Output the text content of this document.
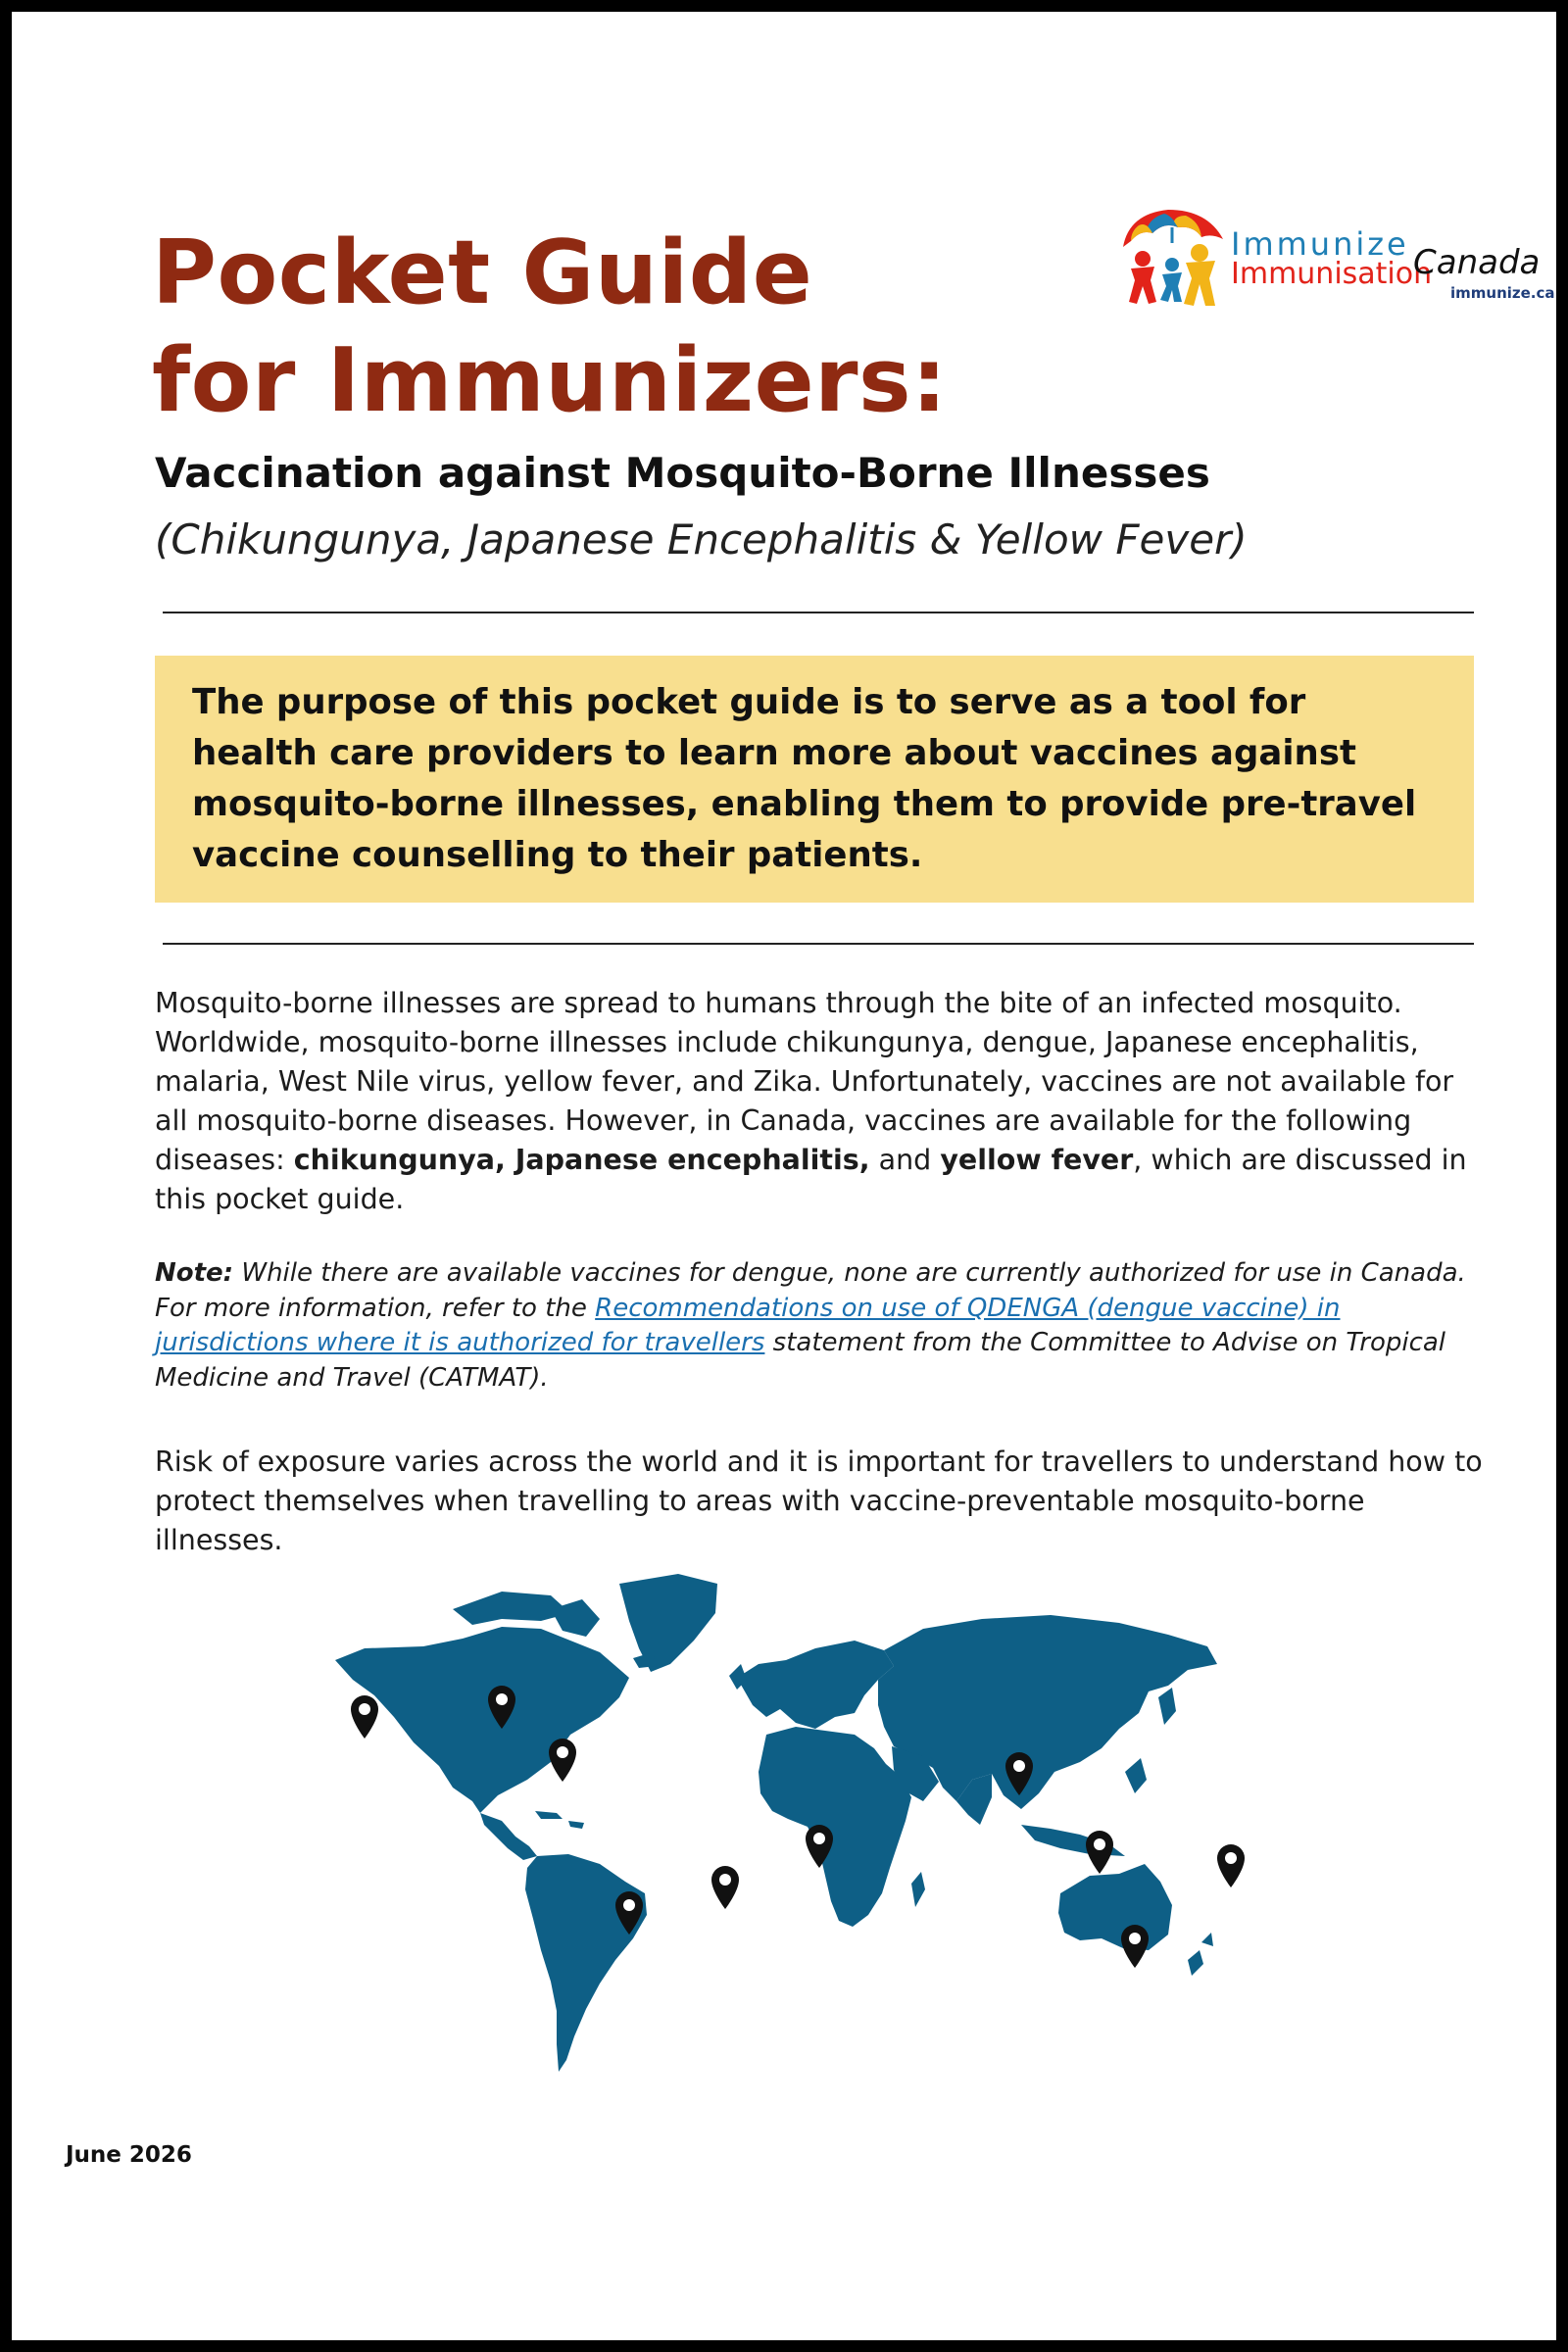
Pocket Guide
for Immunizers:
Immunize
Immunisation
Canada
immunize.ca
Vaccination against Mosquito-Borne Illnesses

(Chikungunya, Japanese Encephalitis & Yellow Fever)

The purpose of this pocket guide is to serve as a tool for health care providers to learn more about vaccines against mosquito-borne illnesses, enabling them to provide pre-travel vaccine counselling to their patients.

Mosquito-borne illnesses are spread to humans through the bite of an infected mosquito. Worldwide, mosquito-borne illnesses include chikungunya, dengue, Japanese encephalitis, malaria, West Nile virus, yellow fever, and Zika. Unfortunately, vaccines are not available for all mosquito-borne diseases. However, in Canada, vaccines are available for the following diseases: chikungunya, Japanese encephalitis, and yellow fever, which are discussed in this pocket guide.

Note: While there are available vaccines for dengue, none are currently authorized for use in Canada. For more information, refer to the Recommendations on use of QDENGA (dengue vaccine) in jurisdictions where it is authorized for travellers statement from the Committee to Advise on Tropical Medicine and Travel (CATMAT).

Risk of exposure varies across the world and it is important for travellers to understand how to protect themselves when travelling to areas with vaccine-preventable mosquito-borne illnesses.

June 2026
